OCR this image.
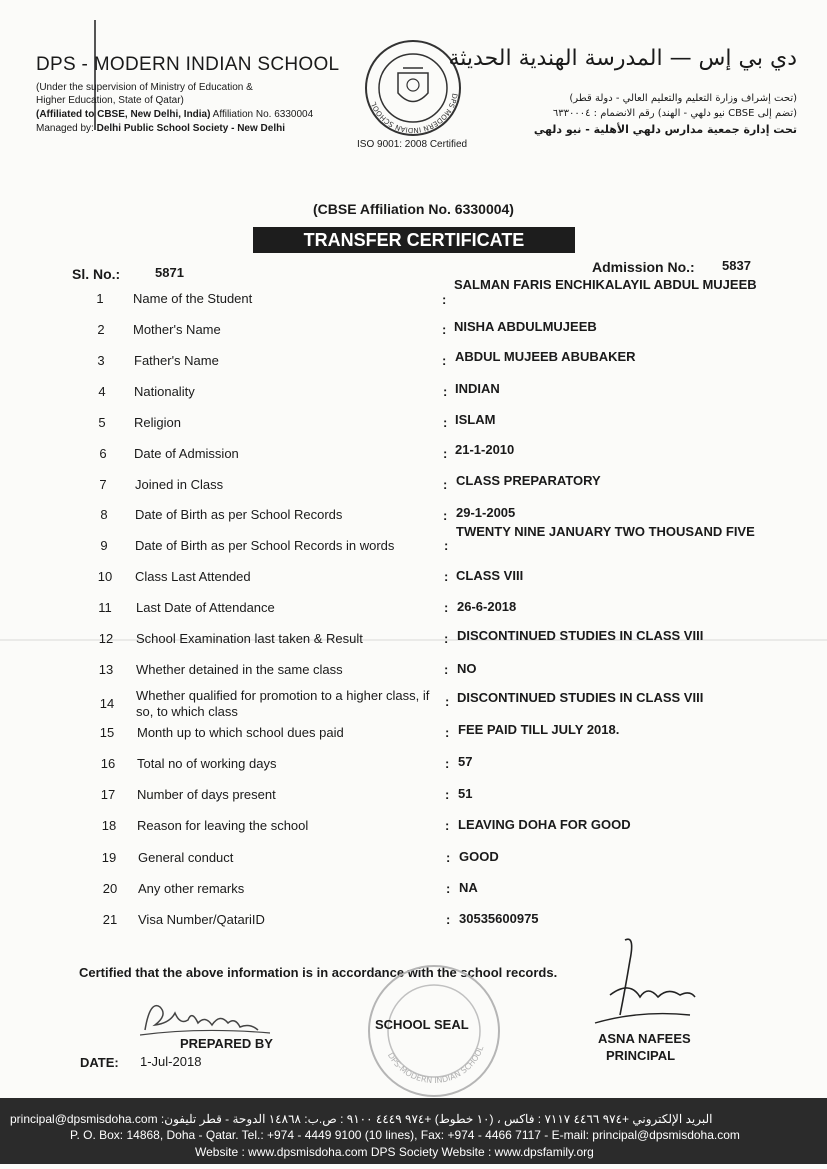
DPS - MODERN INDIAN SCHOOL
(Under the supervision of Ministry of Education &
Higher Education, State of Qatar)
(Affiliated to CBSE, New Delhi, India) Affiliation No. 6330004
Managed by: Delhi Public School Society - New Delhi
DPS MODERN INDIAN SCHOOL
ISO 9001: 2008 Certified
دي بي إس — المدرسة الهندية الحديثة
(تحت إشراف وزارة التعليم والتعليم العالي - دولة قطر)
(تضم إلى CBSE نيو دلهي - الهند) رقم الانضمام : ٦٣٣٠٠٠٤
تحت إدارة جمعية مدارس دلهي الأهلية - نيو دلهي
(CBSE Affiliation No. 6330004)
TRANSFER CERTIFICATE
Sl. No.:	5871	Admission No.: 5837
1	Name of the Student	:
SALMAN FARIS ENCHIKALAYIL ABDUL MUJEEB
2	Mother's Name	: NISHA ABDULMUJEEB
3	Father's Name	: ABDUL MUJEEB ABUBAKER
4	Nationality	: INDIAN
5	Religion	: ISLAM
6	Date of Admission	: 21-1-2010
7	Joined in Class	: CLASS PREPARATORY
8	Date of Birth as per School Records	: 29-1-2005
9	Date of Birth as per School Records in words	:
TWENTY NINE JANUARY TWO THOUSAND FIVE
10 Class Last Attended	: CLASS VIII
11 Last Date of Attendance	: 26-6-2018
12 School Examination last taken & Result	: DISCONTINUED STUDIES IN CLASS VIII
13 Whether detained in the same class	: NO
14
Whether qualified for promotion to a higher class, if so, to which class
: DISCONTINUED STUDIES IN CLASS VIII
15 Month up to which school dues paid	: FEE PAID TILL JULY 2018.
16 Total no of working days	: 57
17 Number of days present	: 51
18 Reason for leaving the school	: LEAVING DOHA FOR GOOD
19 General conduct	: GOOD
20 Any other remarks	: NA
21 Visa Number/QatariID	: 30535600975
Certified that the above information is in accordance with the school records.
PREPARED BY
DATE: 1-Jul-2018	DPS-MODERN INDIAN SCHOOL
SCHOOL SEAL
ASNA NAFEES
PRINCIPAL
principal@dpsmisdoha.com :البريد الإلكتروني +٩٧٤ ٤٤٦٦ ٧١١٧ : فاكس ، (١٠ خطوط) +٩٧٤ ٤٤٤٩ ٩١٠٠ : ص.ب: ١٤٨٦٨ الدوحة - قطر تليفون
P. O. Box: 14868, Doha - Qatar. Tel.: +974 - 4449 9100 (10 lines), Fax: +974 - 4466 7117 - E-mail: principal@dpsmisdoha.com
Website : www.dpsmisdoha.com DPS Society Website : www.dpsfamily.org
